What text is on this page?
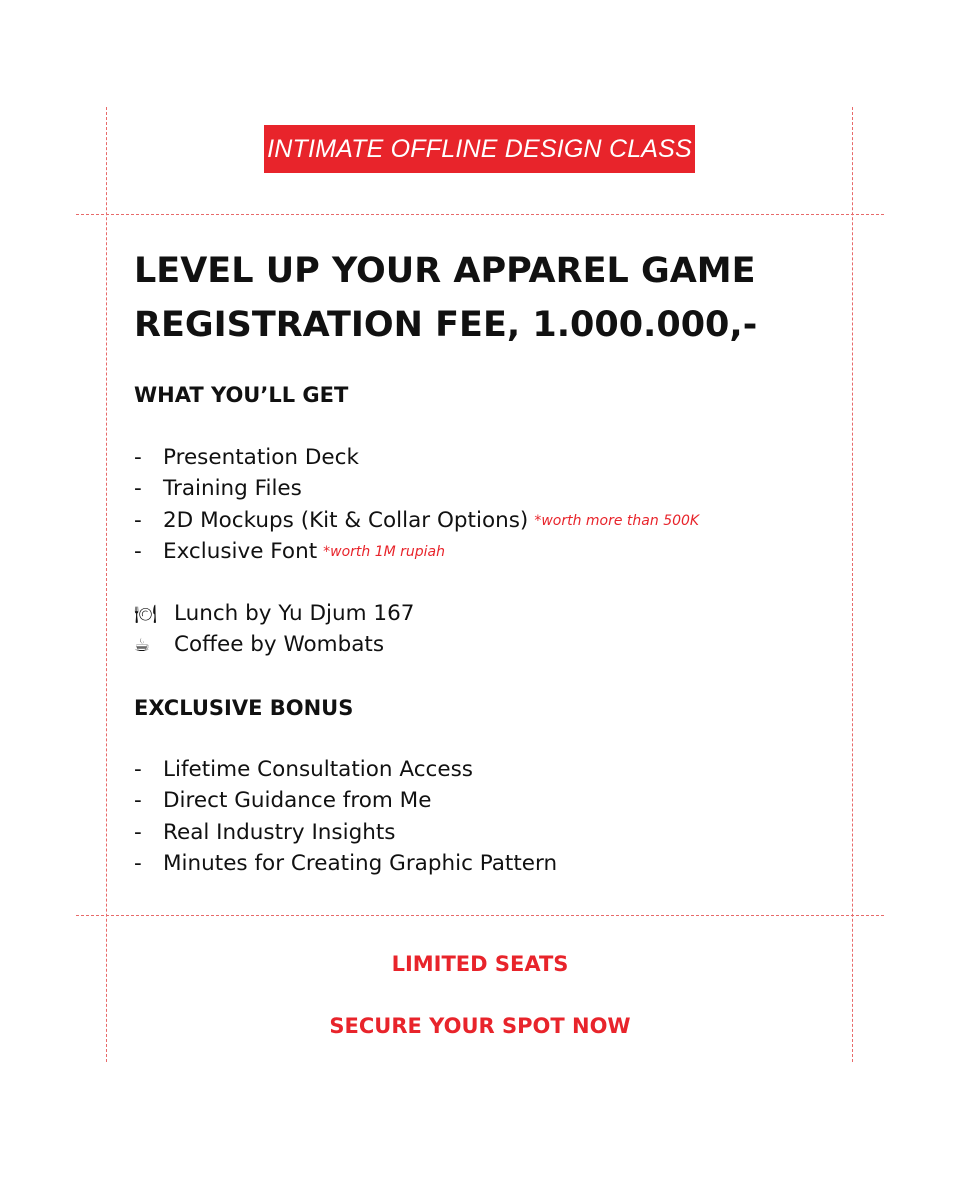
INTIMATE OFFLINE DESIGN CLASS
LEVEL UP YOUR APPAREL GAME
REGISTRATION FEE, 1.000.000,-
WHAT YOU’LL GET
- Presentation Deck
- Training Files
- 2D Mockups (Kit & Collar Options) *worth more than 500K
- Exclusive Font *worth 1M rupiah
🍽 Lunch by Yu Djum 167
☕ Coffee by Wombats
EXCLUSIVE BONUS
- Lifetime Consultation Access
- Direct Guidance from Me
- Real Industry Insights
- Minutes for Creating Graphic Pattern
LIMITED SEATS
SECURE YOUR SPOT NOW
